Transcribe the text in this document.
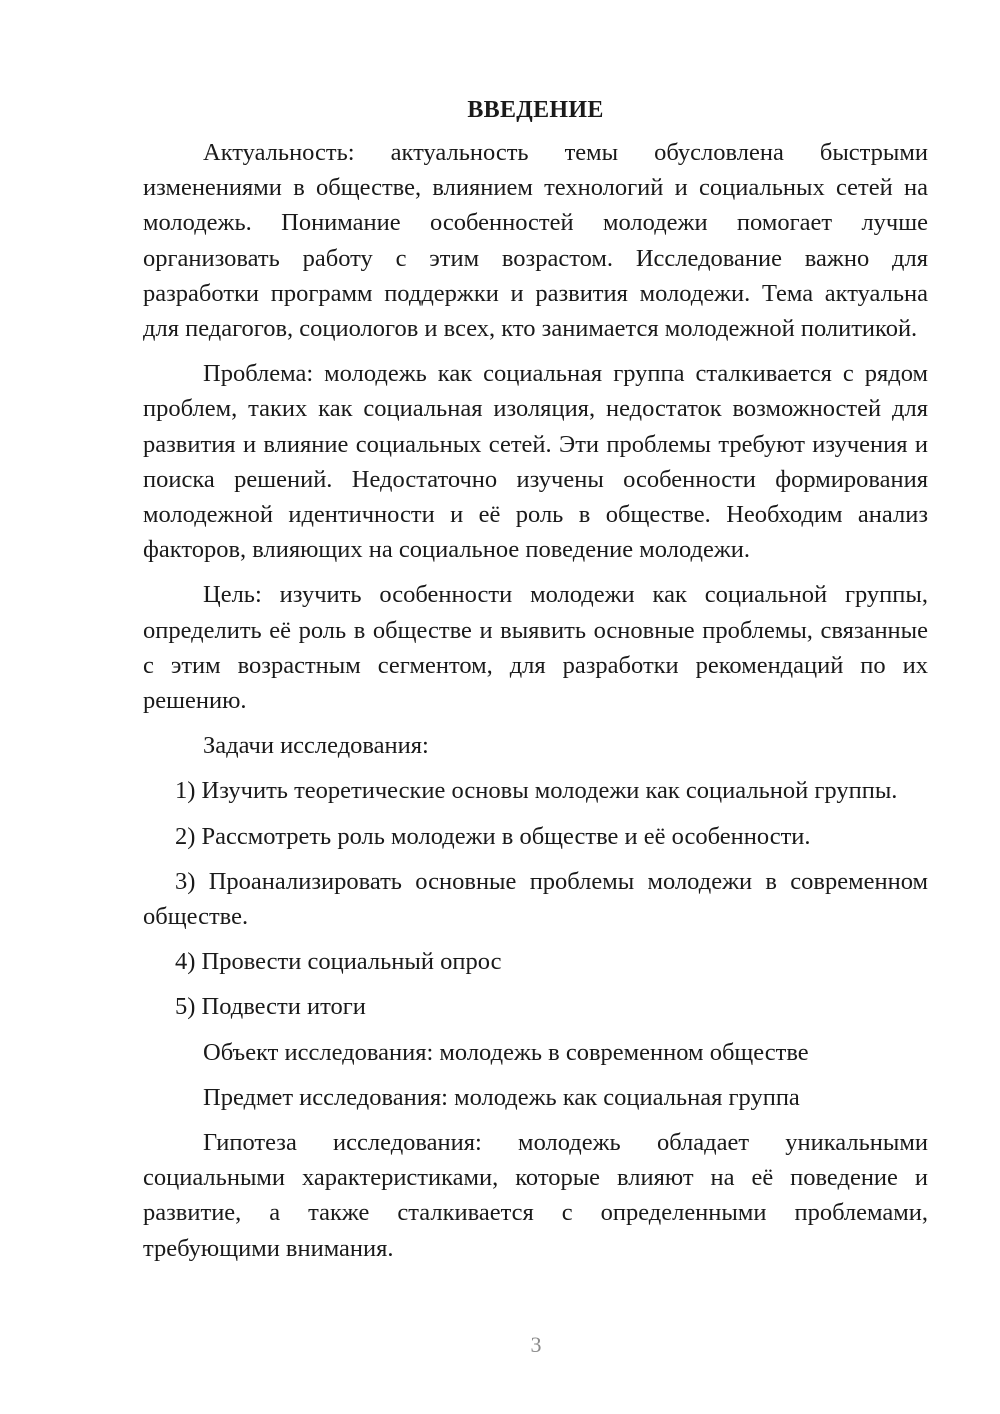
ВВЕДЕНИЕ

Актуальность: актуальность темы обусловлена быстрыми изменениями в обществе, влиянием технологий и социальных сетей на молодежь. Понимание особенностей молодежи помогает лучше организовать работу с этим возрастом. Исследование важно для разработки программ поддержки и развития молодежи. Тема актуальна для педагогов, социологов и всех, кто занимается молодежной политикой.

Проблема: молодежь как социальная группа сталкивается с рядом проблем, таких как социальная изоляция, недостаток возможностей для развития и влияние социальных сетей. Эти проблемы требуют изучения и поиска решений. Недостаточно изучены особенности формирования молодежной идентичности и её роль в обществе. Необходим анализ факторов, влияющих на социальное поведение молодежи.

Цель: изучить особенности молодежи как социальной группы, определить её роль в обществе и выявить основные проблемы, связанные с этим возрастным сегментом, для разработки рекомендаций по их решению.

Задачи исследования:

1) Изучить теоретические основы молодежи как социальной группы.

2) Рассмотреть роль молодежи в обществе и её особенности.

3) Проанализировать основные проблемы молодежи в современном обществе.

4) Провести социальный опрос

5) Подвести итоги

Объект исследования: молодежь в современном обществе

Предмет исследования: молодежь как социальная группа

Гипотеза исследования: молодежь обладает уникальными социальными характеристиками, которые влияют на её поведение и развитие, а также сталкивается с определенными проблемами, требующими внимания.

3
